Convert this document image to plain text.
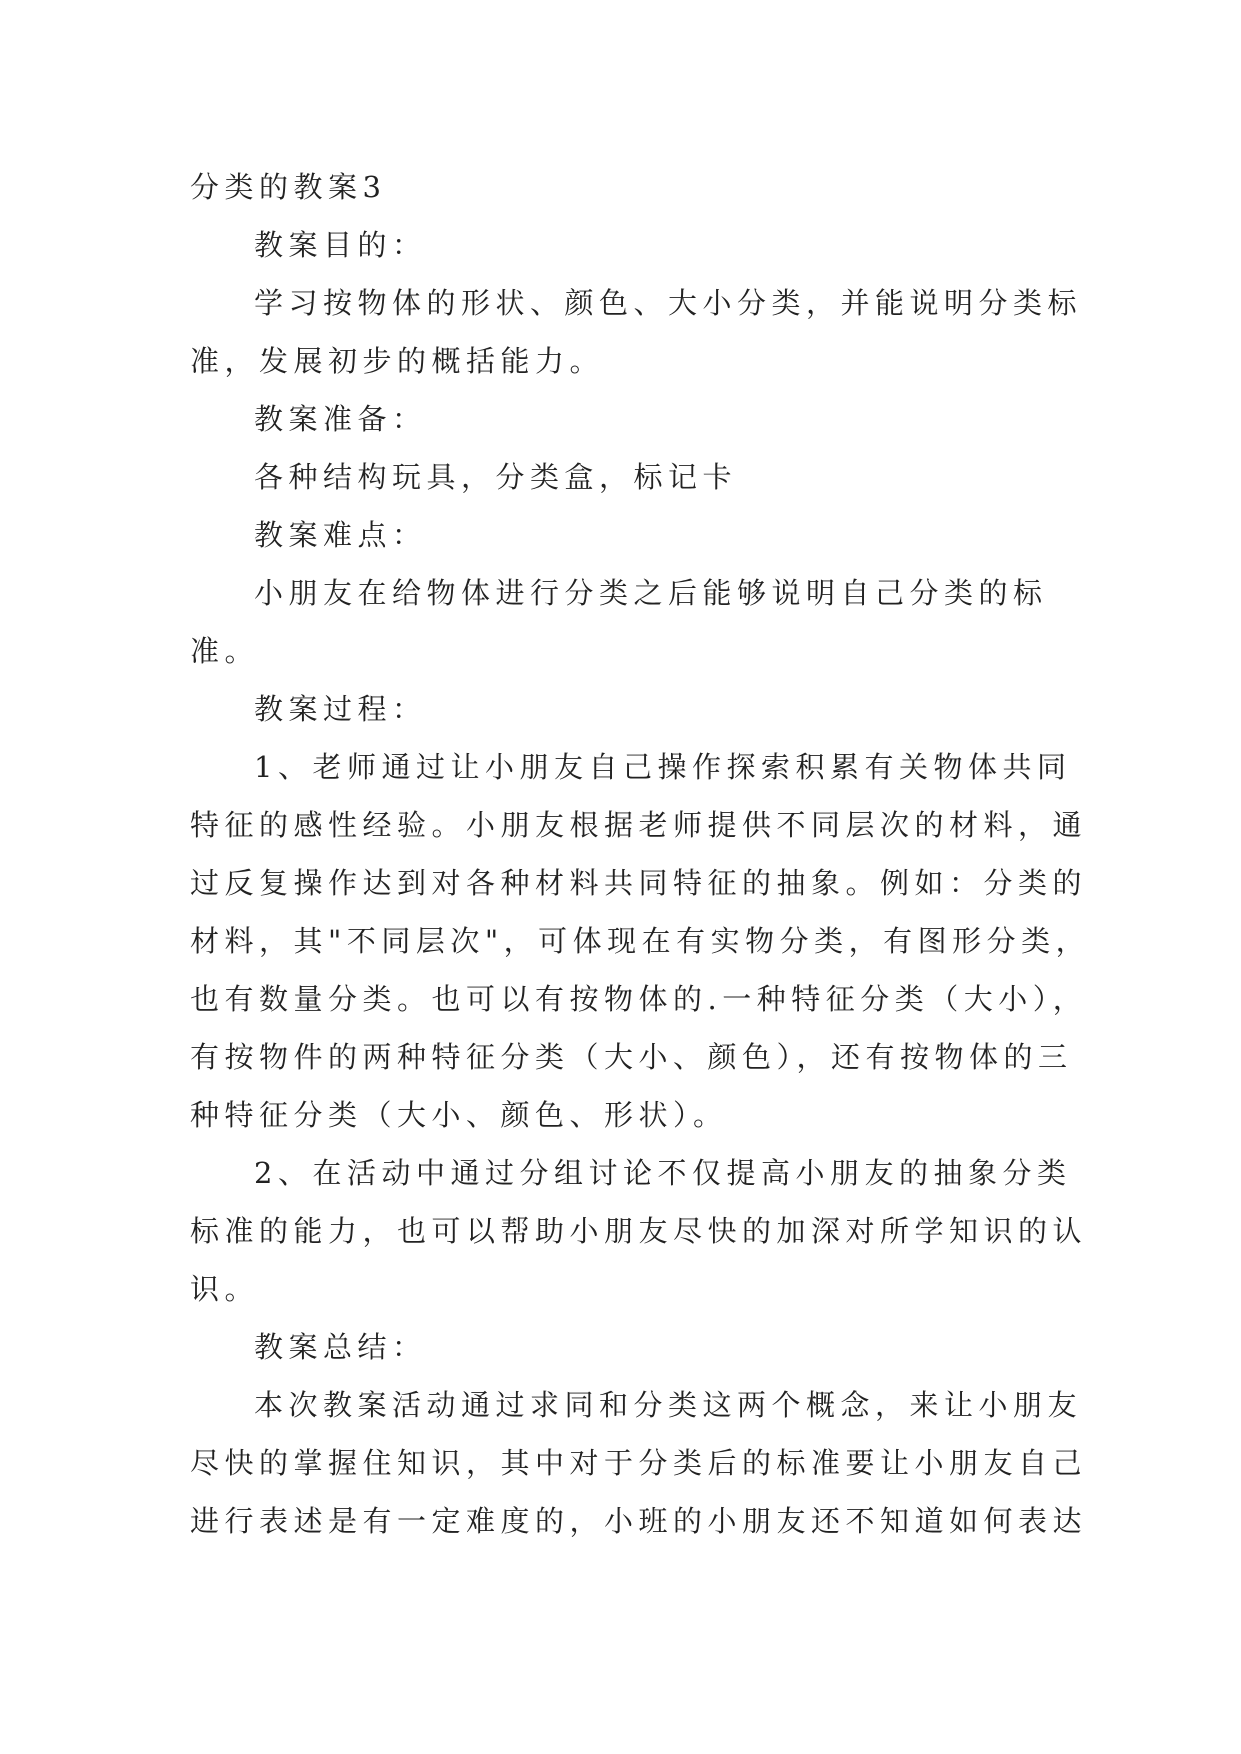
分类的教案3

教案目的：

学习按物体的形状、颜色、大小分类，并能说明分类标

准，发展初步的概括能力。

教案准备：

各种结构玩具，分类盒，标记卡

教案难点：

小朋友在给物体进行分类之后能够说明自己分类的标

准。

教案过程：

1、老师通过让小朋友自己操作探索积累有关物体共同

特征的感性经验。小朋友根据老师提供不同层次的材料，通

过反复操作达到对各种材料共同特征的抽象。例如：分类的

材料，其"不同层次"，可体现在有实物分类，有图形分类，

也有数量分类。也可以有按物体的.一种特征分类（大小），

有按物件的两种特征分类（大小、颜色），还有按物体的三

种特征分类（大小、颜色、形状）。

2、在活动中通过分组讨论不仅提高小朋友的抽象分类

标准的能力，也可以帮助小朋友尽快的加深对所学知识的认

识。

教案总结：

本次教案活动通过求同和分类这两个概念，来让小朋友

尽快的掌握住知识，其中对于分类后的标准要让小朋友自己

进行表述是有一定难度的，小班的小朋友还不知道如何表达
